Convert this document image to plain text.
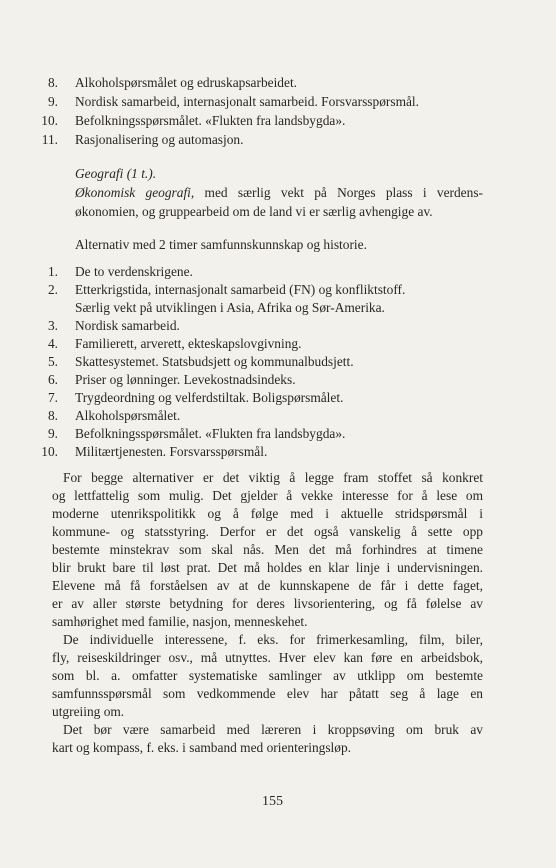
8. Alkoholspørsmålet og edruskapsarbeidet.
9. Nordisk samarbeid, internasjonalt samarbeid. Forsvarsspørsmål.
10. Befolkningsspørsmålet. «Flukten fra landsbygda».
11. Rasjonalisering og automasjon.
Geografi (1 t.).
Økonomisk geografi, med særlig vekt på Norges plass i verdens-
økonomien, og gruppearbeid om de land vi er særlig avhengige av.
Alternativ med 2 timer samfunnskunnskap og historie.
1. De to verdenskrigene.
2. Etterkrigstida, internasjonalt samarbeid (FN) og konfliktstoff.
Særlig vekt på utviklingen i Asia, Afrika og Sør-Amerika.
3. Nordisk samarbeid.
4. Familierett, arverett, ekteskapslovgivning.
5. Skattesystemet. Statsbudsjett og kommunalbudsjett.
6. Priser og lønninger. Levekostnadsindeks.
7. Trygdeordning og velferdstiltak. Boligspørsmålet.
8. Alkoholspørsmålet.
9. Befolkningsspørsmålet. «Flukten fra landsbygda».
10. Militærtjenesten. Forsvarsspørsmål.
For begge alternativer er det viktig å legge fram stoffet så konkret
og lettfattelig som mulig. Det gjelder å vekke interesse for å lese om
moderne utenrikspolitikk og å følge med i aktuelle stridspørsmål i
kommune- og statsstyring. Derfor er det også vanskelig å sette opp
bestemte minstekrav som skal nås. Men det må forhindres at timene
blir brukt bare til løst prat. Det må holdes en klar linje i undervisningen.
Elevene må få forståelsen av at de kunnskapene de får i dette faget,
er av aller største betydning for deres livsorientering, og få følelse av
samhørighet med familie, nasjon, menneskehet.
De individuelle interessene, f. eks. for frimerkesamling, film, biler,
fly, reiseskildringer osv., må utnyttes. Hver elev kan føre en arbeidsbok,
som bl. a. omfatter systematiske samlinger av utklipp om bestemte
samfunnsspørsmål som vedkommende elev har påtatt seg å lage en
utgreiing om.
Det bør være samarbeid med læreren i kroppsøving om bruk av
kart og kompass, f. eks. i samband med orienteringsløp.
155
